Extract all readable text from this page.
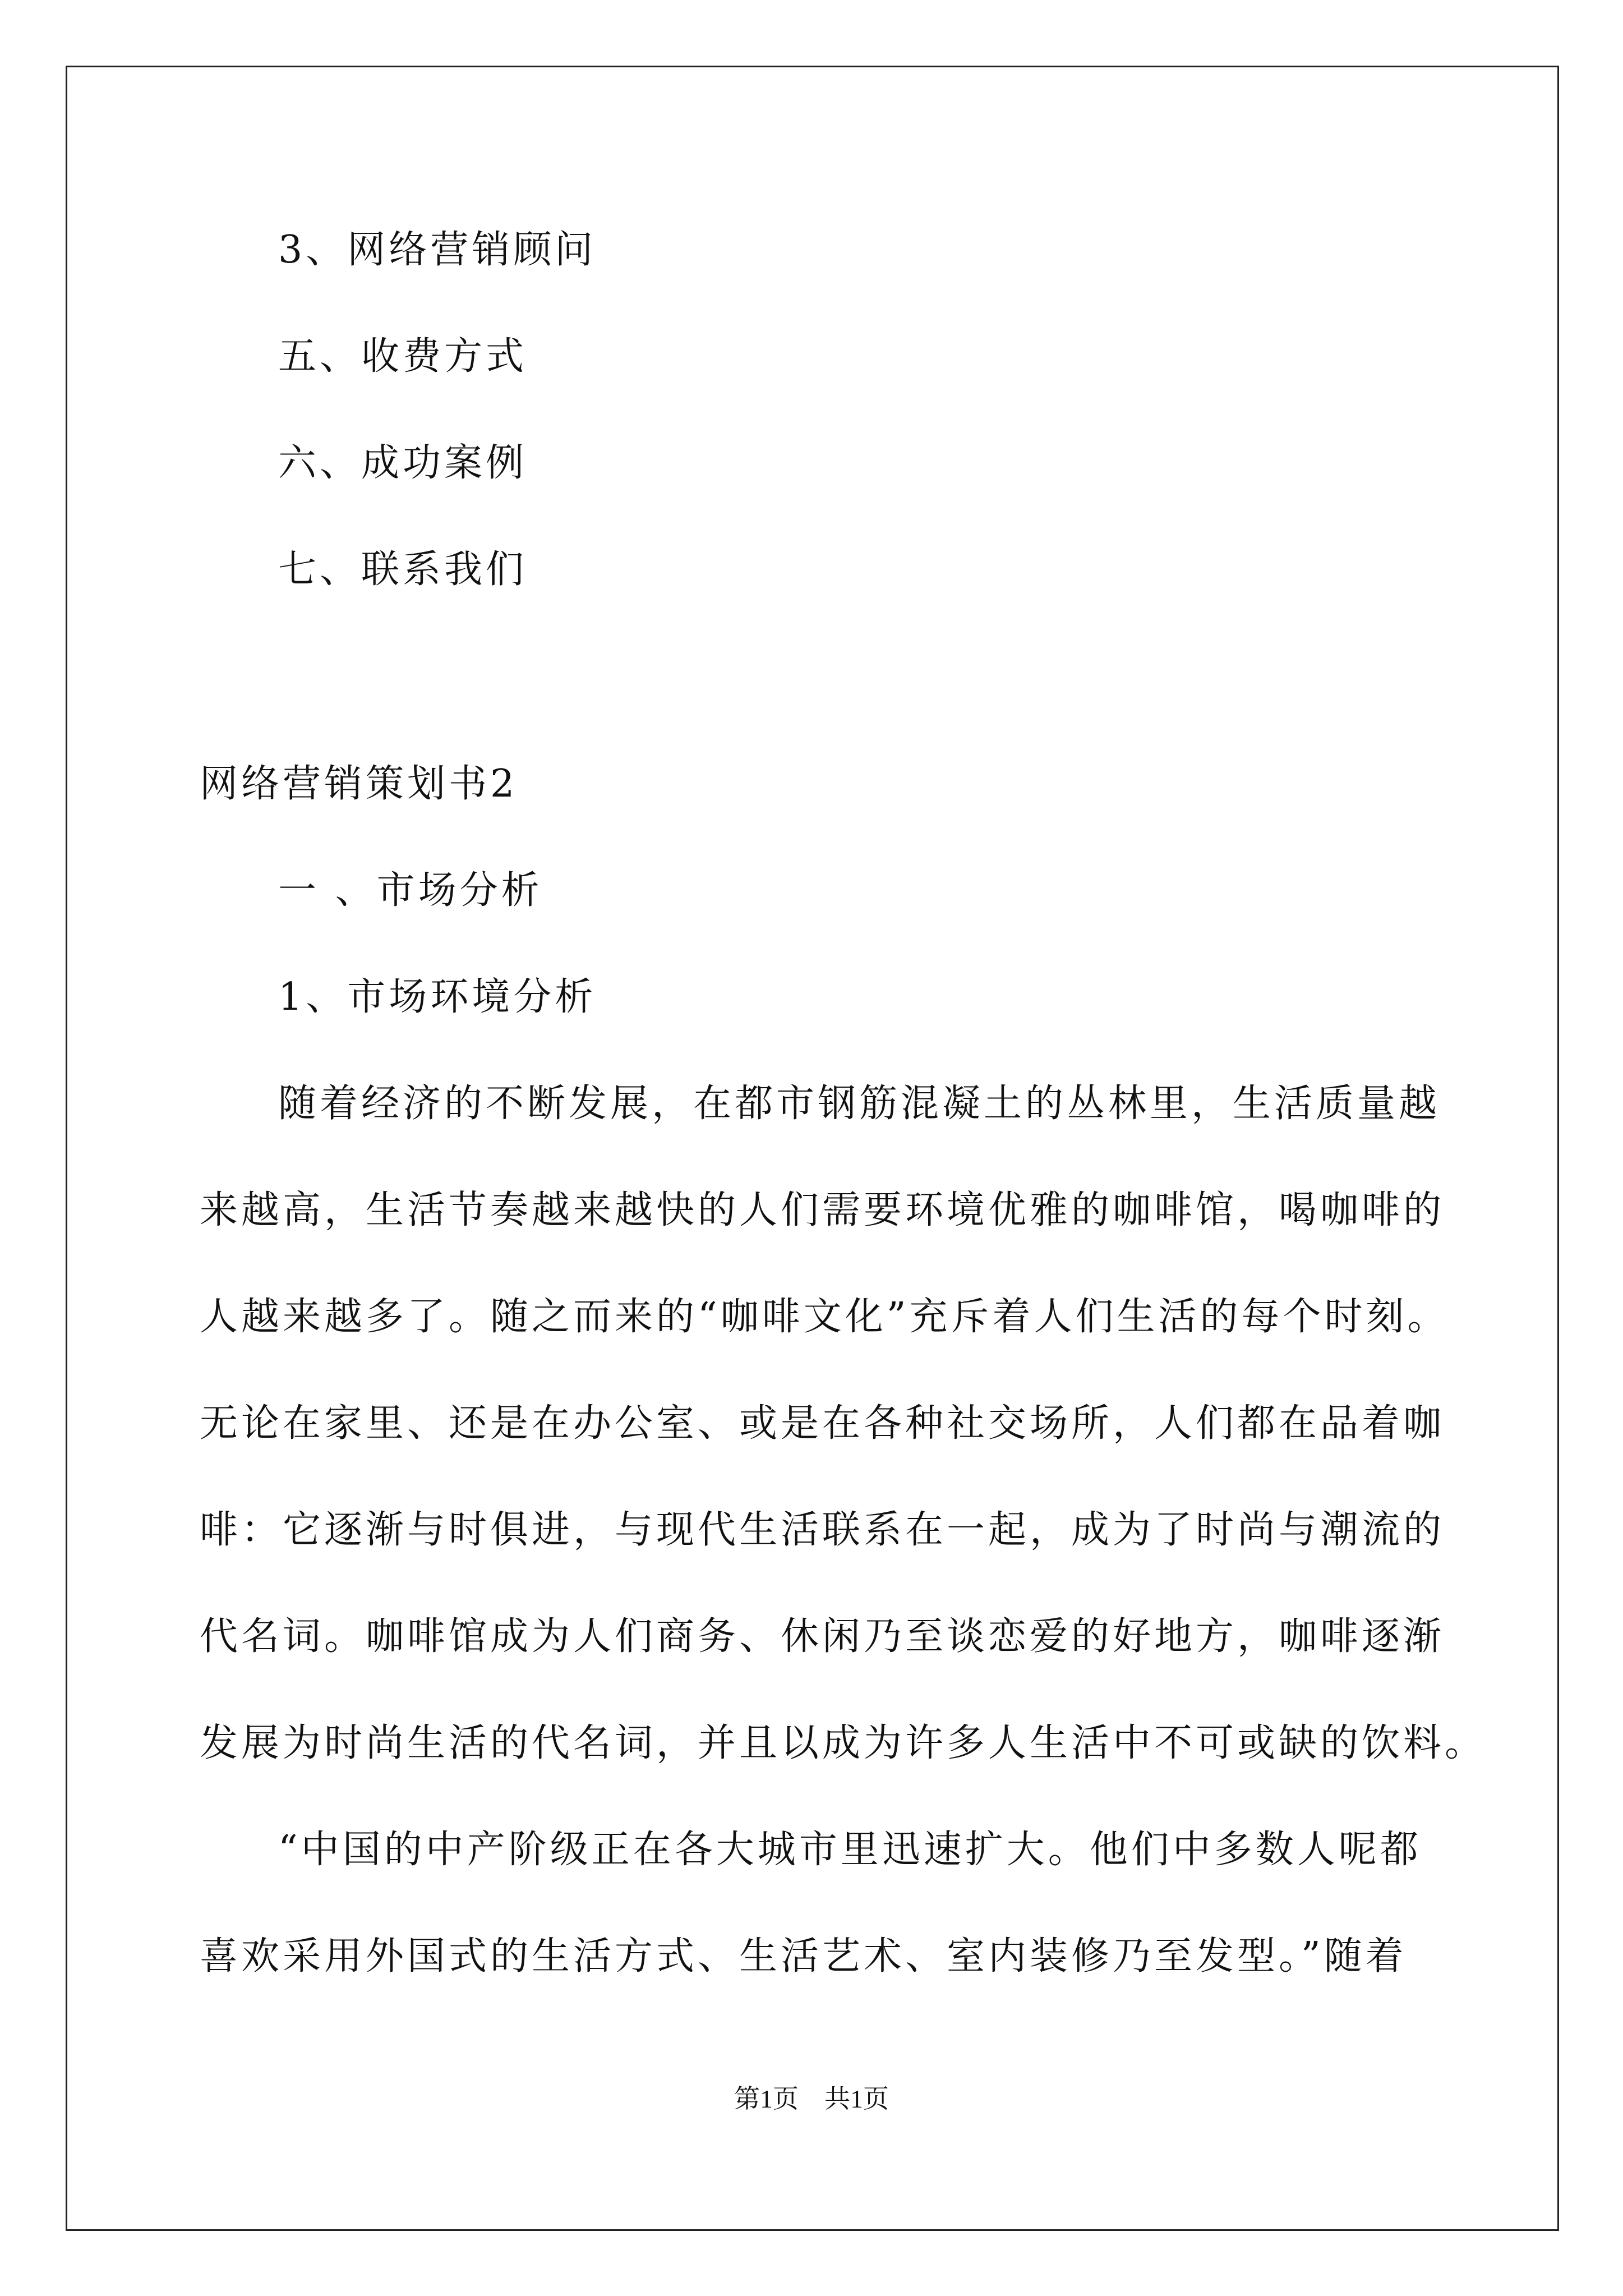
3、网络营销顾问
五、收费方式
六、成功案例
七、联系我们
网络营销策划书2
一 、市场分析
1、市场环境分析
随着经济的不断发展，在都市钢筋混凝土的丛林里，生活质量越
来越高，生活节奏越来越快的人们需要环境优雅的咖啡馆，喝咖啡的
人越来越多了。随之而来的“咖啡文化”充斥着人们生活的每个时刻。
无论在家里、还是在办公室、或是在各种社交场所，人们都在品着咖
啡：它逐渐与时俱进，与现代生活联系在一起，成为了时尚与潮流的
代名词。咖啡馆成为人们商务、休闲乃至谈恋爱的好地方，咖啡逐渐
发展为时尚生活的代名词，并且以成为许多人生活中不可或缺的饮料。
“中国的中产阶级正在各大城市里迅速扩大。他们中多数人呢都
喜欢采用外国式的生活方式、生活艺术、室内装修乃至发型。”随着
第1页　共1页
